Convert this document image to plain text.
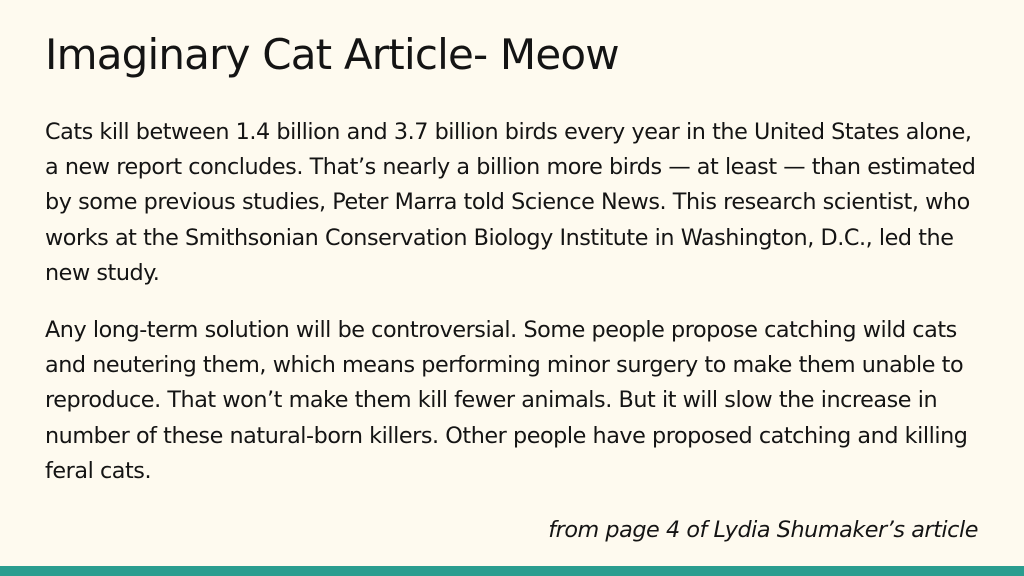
Imaginary Cat Article- Meow

Cats kill between 1.4 billion and 3.7 billion birds every year in the United States alone, a new report concludes. That’s nearly a billion more birds — at least — than estimated by some previous studies, Peter Marra told Science News. This research scientist, who works at the Smithsonian Conservation Biology Institute in Washington, D.C., led the new study.

Any long-term solution will be controversial. Some people propose catching wild cats and neutering them, which means performing minor surgery to make them unable to reproduce. That won’t make them kill fewer animals. But it will slow the increase in number of these natural-born killers. Other people have proposed catching and killing feral cats.

from page 4 of Lydia Shumaker’s article
